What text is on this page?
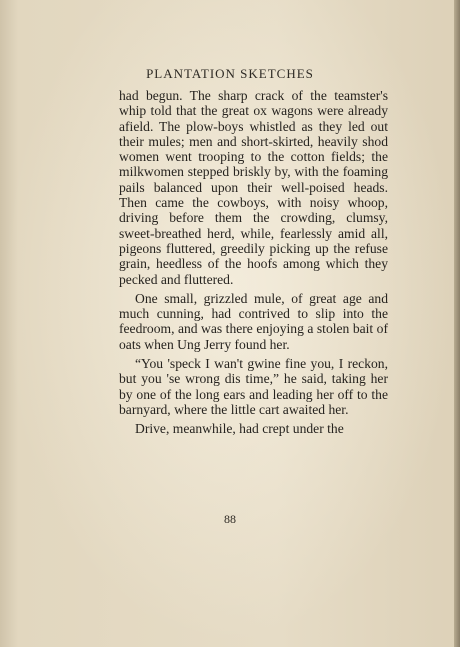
PLANTATION SKETCHES

had begun. The sharp crack of the teamster's whip told that the great ox wagons were already afield. The plow-boys whistled as they led out their mules; men and short-skirted, heavily shod women went trooping to the cotton fields; the milkwomen stepped briskly by, with the foaming pails balanced upon their well-poised heads. Then came the cowboys, with noisy whoop, driving before them the crowding, clumsy, sweet-breathed herd, while, fearlessly amid all, pigeons fluttered, greedily picking up the refuse grain, heedless of the hoofs among which they pecked and fluttered.

One small, grizzled mule, of great age and much cunning, had contrived to slip into the feedroom, and was there enjoying a stolen bait of oats when Ung Jerry found her.

“You 'speck I wan't gwine fine you, I reckon, but you 'se wrong dis time,” he said, taking her by one of the long ears and leading her off to the barnyard, where the little cart awaited her.

Drive, meanwhile, had crept under the

88
